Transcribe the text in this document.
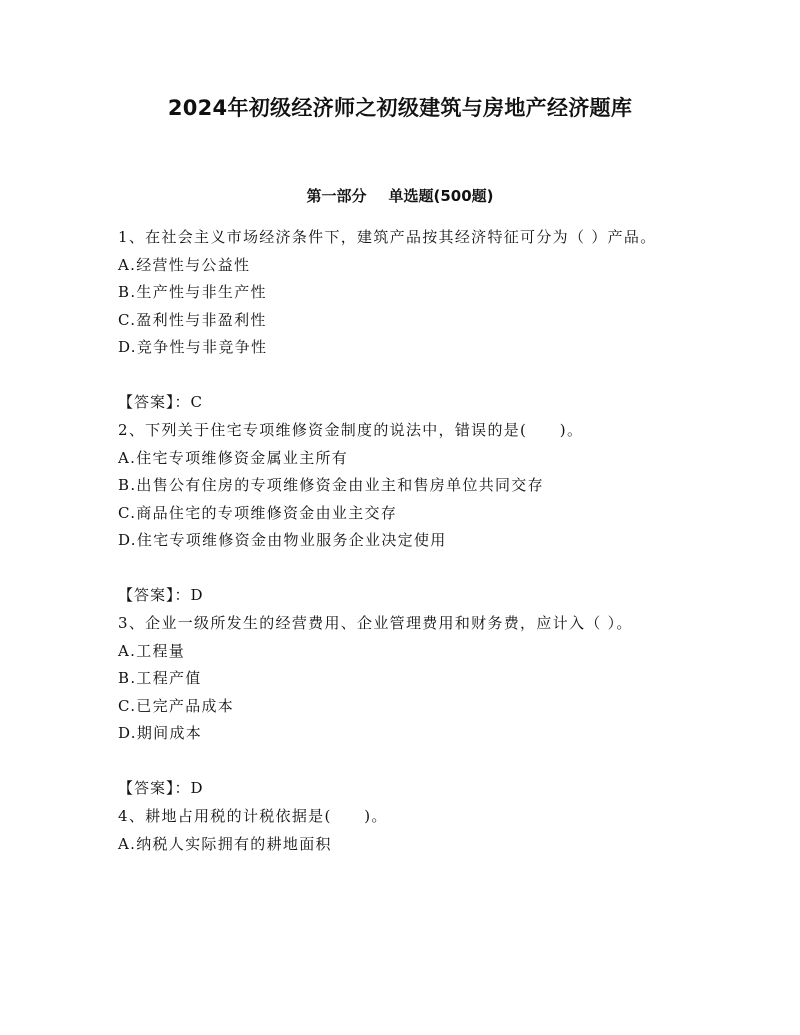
2024年初级经济师之初级建筑与房地产经济题库
第一部分 单选题(500题)
1、在社会主义市场经济条件下，建筑产品按其经济特征可分为（ ）产品。
A.经营性与公益性
B.生产性与非生产性
C.盈利性与非盈利性
D.竞争性与非竞争性
【答案】：C
2、下列关于住宅专项维修资金制度的说法中，错误的是(　　)。
A.住宅专项维修资金属业主所有
B.出售公有住房的专项维修资金由业主和售房单位共同交存
C.商品住宅的专项维修资金由业主交存
D.住宅专项维修资金由物业服务企业决定使用
【答案】：D
3、企业一级所发生的经营费用、企业管理费用和财务费，应计入（ ）。
A.工程量
B.工程产值
C.已完产品成本
D.期间成本
【答案】：D
4、耕地占用税的计税依据是(　　)。
A.纳税人实际拥有的耕地面积
